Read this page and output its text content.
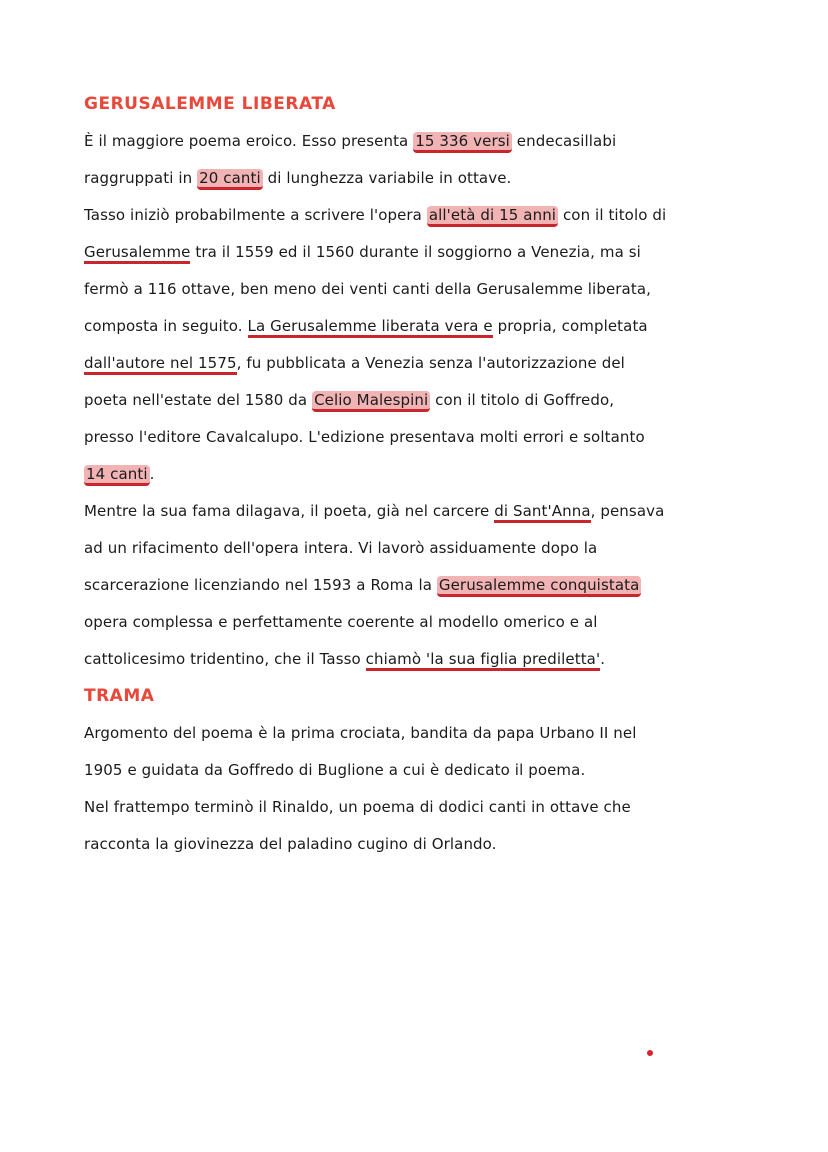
GERUSALEMME LIBERATA
È il maggiore poema eroico. Esso presenta 15 336 versi endecasillabi
raggruppati in 20 canti di lunghezza variabile in ottave.
Tasso iniziò probabilmente a scrivere l'opera all'età di 15 anni con il titolo di
Gerusalemme tra il 1559 ed il 1560 durante il soggiorno a Venezia, ma si
fermò a 116 ottave, ben meno dei venti canti della Gerusalemme liberata,
composta in seguito. La Gerusalemme liberata vera e propria, completata
dall'autore nel 1575, fu pubblicata a Venezia senza l'autorizzazione del
poeta nell'estate del 1580 da Celio Malespini con il titolo di Goffredo,
presso l'editore Cavalcalupo. L'edizione presentava molti errori e soltanto
14 canti .
Mentre la sua fama dilagava, il poeta, già nel carcere di Sant'Anna, pensava
ad un rifacimento dell'opera intera. Vi lavorò assiduamente dopo la
scarcerazione licenziando nel 1593 a Roma la Gerusalemme conquistata
opera complessa e perfettamente coerente al modello omerico e al
cattolicesimo tridentino, che il Tasso chiamò 'la sua figlia prediletta'.
TRAMA
Argomento del poema è la prima crociata, bandita da papa Urbano II nel
1905 e guidata da Goffredo di Buglione a cui è dedicato il poema.
Nel frattempo terminò il Rinaldo, un poema di dodici canti in ottave che
racconta la giovinezza del paladino cugino di Orlando.
